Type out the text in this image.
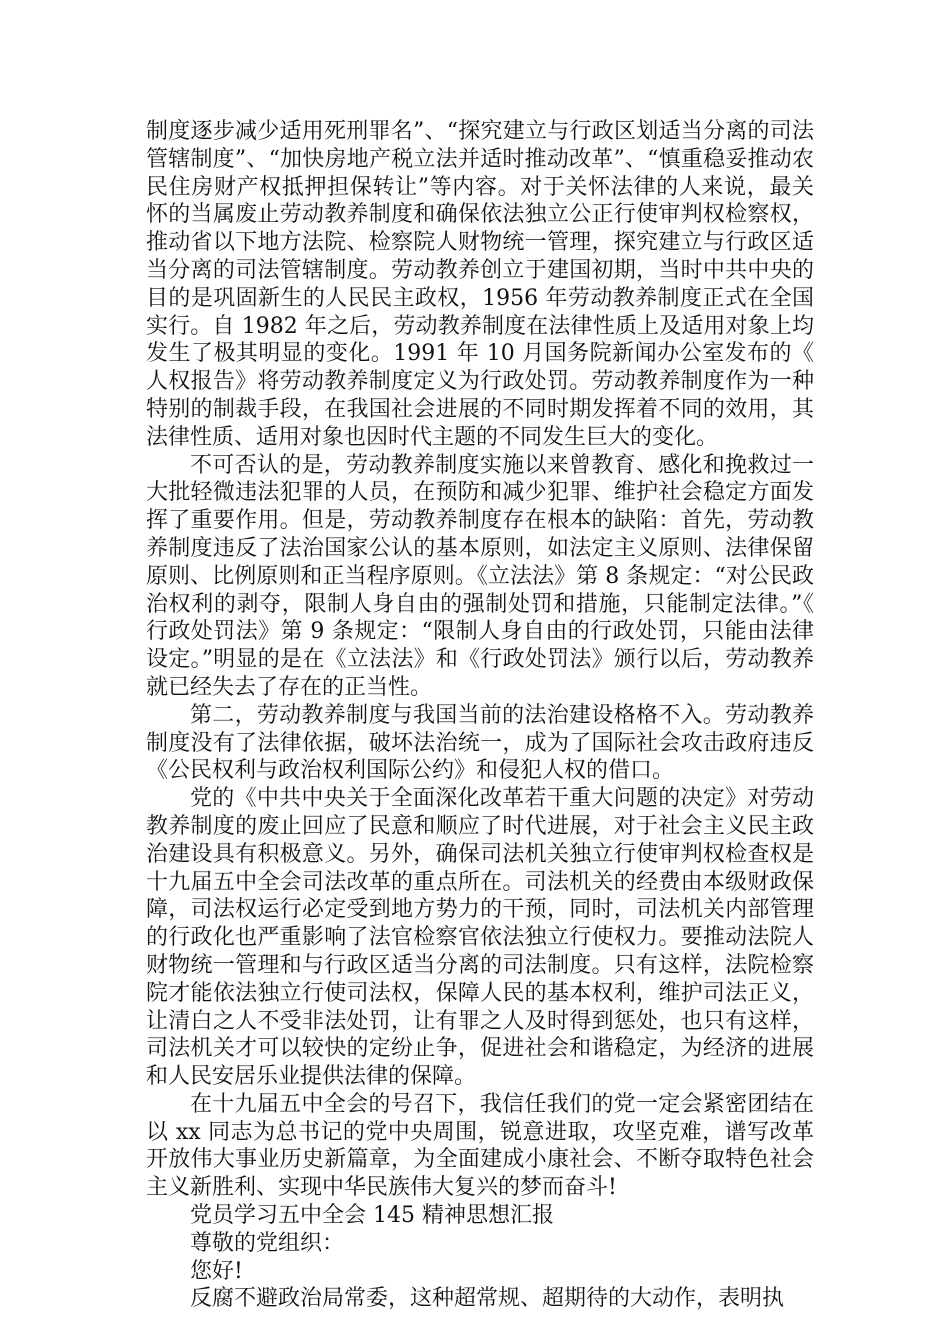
制度逐步减少适用死刑罪名”、“探究建立与行政区划适当分离的司法管辖制度”、“加快房地产税立法并适时推动改革”、“慎重稳妥推动农民住房财产权抵押担保转让”等内容。对于关怀法律的人来说，最关怀的当属废止劳动教养制度和确保依法独立公正行使审判权检察权，推动省以下地方法院、检察院人财物统一管理，探究建立与行政区适当分离的司法管辖制度。劳动教养创立于建国初期，当时中共中央的目的是巩固新生的人民民主政权，1956 年劳动教养制度正式在全国实行。自 1982 年之后，劳动教养制度在法律性质上及适用对象上均发生了极其明显的变化。1991 年 10 月国务院新闻办公室发布的《人权报告》将劳动教养制度定义为行政处罚。劳动教养制度作为一种特别的制裁手段，在我国社会进展的不同时期发挥着不同的效用，其法律性质、适用对象也因时代主题的不同发生巨大的变化。

不可否认的是，劳动教养制度实施以来曾教育、感化和挽救过一大批轻微违法犯罪的人员，在预防和减少犯罪、维护社会稳定方面发挥了重要作用。但是，劳动教养制度存在根本的缺陷：首先，劳动教养制度违反了法治国家公认的基本原则，如法定主义原则、法律保留原则、比例原则和正当程序原则。《立法法》第 8 条规定：“对公民政治权利的剥夺，限制人身自由的强制处罚和措施，只能制定法律。”《行政处罚法》第 9 条规定：“限制人身自由的行政处罚，只能由法律设定。”明显的是在《立法法》和《行政处罚法》颁行以后，劳动教养就已经失去了存在的正当性。

第二，劳动教养制度与我国当前的法治建设格格不入。劳动教养制度没有了法律依据，破坏法治统一，成为了国际社会攻击政府违反《公民权利与政治权利国际公约》和侵犯人权的借口。

党的《中共中央关于全面深化改革若干重大问题的决定》对劳动教养制度的废止回应了民意和顺应了时代进展，对于社会主义民主政治建设具有积极意义。另外，确保司法机关独立行使审判权检查权是十九届五中全会司法改革的重点所在。司法机关的经费由本级财政保障，司法权运行必定受到地方势力的干预，同时，司法机关内部管理的行政化也严重影响了法官检察官依法独立行使权力。要推动法院人财物统一管理和与行政区适当分离的司法制度。只有这样，法院检察院才能依法独立行使司法权，保障人民的基本权利，维护司法正义，让清白之人不受非法处罚，让有罪之人及时得到惩处，也只有这样，司法机关才可以较快的定纷止争，促进社会和谐稳定，为经济的进展和人民安居乐业提供法律的保障。

在十九届五中全会的号召下，我信任我们的党一定会紧密团结在以 xx 同志为总书记的党中央周围，锐意进取，攻坚克难，谱写改革开放伟大事业历史新篇章，为全面建成小康社会、不断夺取特色社会主义新胜利、实现中华民族伟大复兴的梦而奋斗!

党员学习五中全会 145 精神思想汇报

尊敬的党组织：

您好!

反腐不避政治局常委，这种超常规、超期待的大动作，表明执
